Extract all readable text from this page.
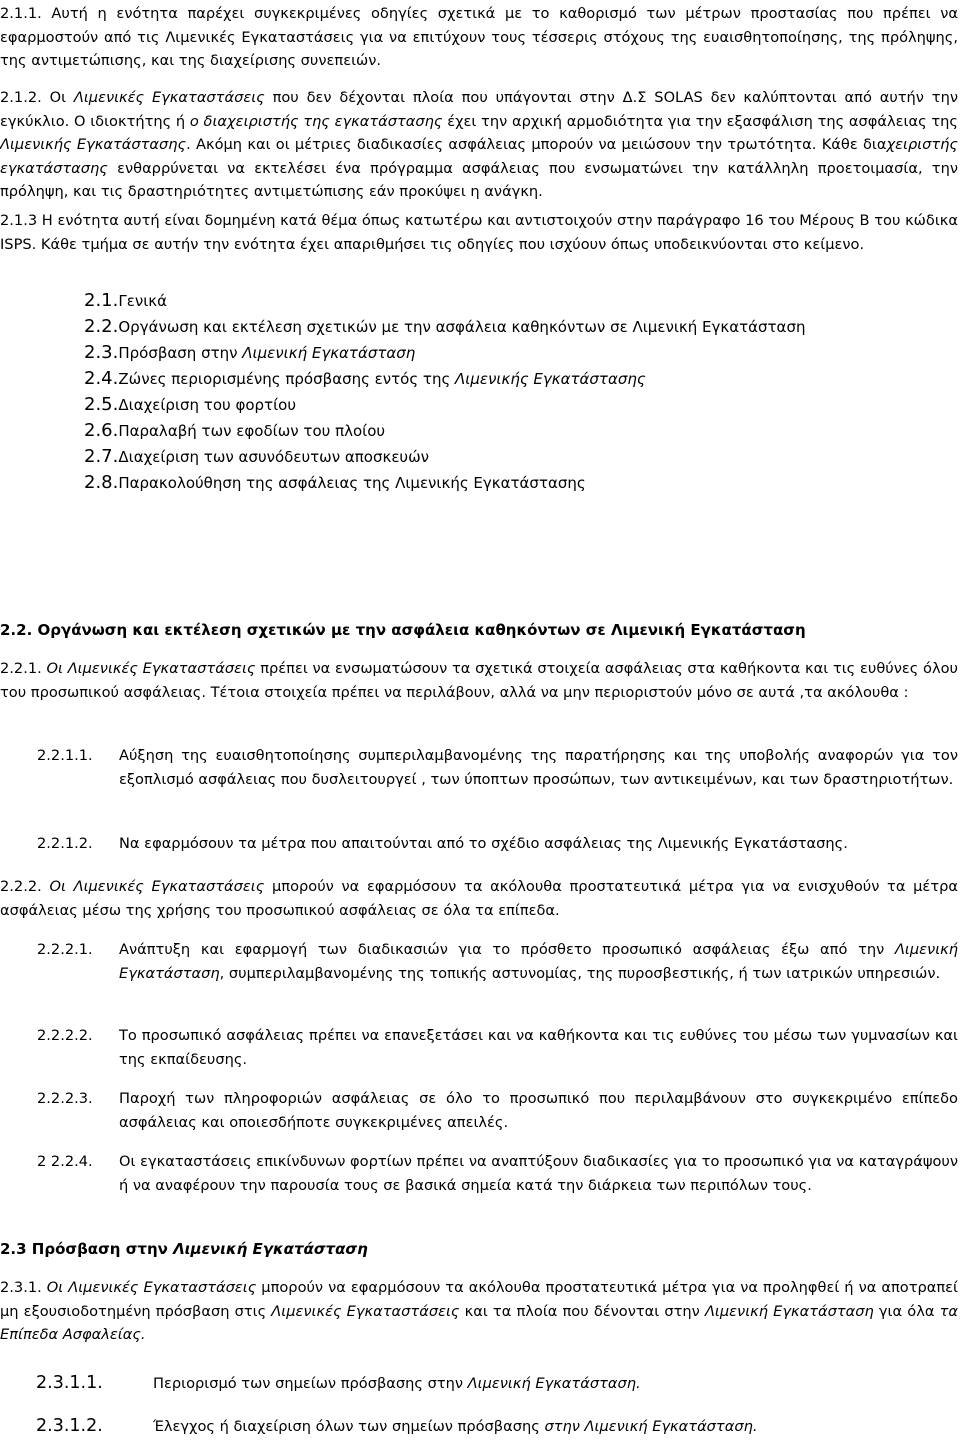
2.1.1. Αυτή η ενότητα παρέχει συγκεκριμένες οδηγίες σχετικά με το καθορισμό των μέτρων προστασίας που πρέπει να εφαρμοστούν από τις Λιμενικές Εγκαταστάσεις για να επιτύχουν τους τέσσερις στόχους της ευαισθητοποίησης, της πρόληψης, της αντιμετώπισης, και της διαχείρισης συνεπειών.

2.1.2. Οι Λιμενικές Εγκαταστάσεις που δεν δέχονται πλοία που υπάγονται στην Δ.Σ SOLAS δεν καλύπτονται από αυτήν την εγκύκλιο. Ο ιδιοκτήτης ή ο διαχειριστής της εγκατάστασης έχει την αρχική αρμοδιότητα για την εξασφάλιση της ασφάλειας της Λιμενικής Εγκατάστασης. Ακόμη και οι μέτριες διαδικασίες ασφάλειας μπορούν να μειώσουν την τρωτότητα. Κάθε διαχειριστής εγκατάστασης ενθαρρύνεται να εκτελέσει ένα πρόγραμμα ασφάλειας που ενσωματώνει την κατάλληλη προετοιμασία, την πρόληψη, και τις δραστηριότητες αντιμετώπισης εάν προκύψει η ανάγκη.

2.1.3 Η ενότητα αυτή είναι δομημένη κατά θέμα όπως κατωτέρω και αντιστοιχούν στην παράγραφο 16 του Μέρους Β του κώδικα ISPS. Κάθε τμήμα σε αυτήν την ενότητα έχει απαριθμήσει τις οδηγίες που ισχύουν όπως υποδεικνύονται στο κείμενο.

2.1.Γενικά
2.2.Οργάνωση και εκτέλεση σχετικών με την ασφάλεια καθηκόντων σε Λιμενική Εγκατάσταση
2.3.Πρόσβαση στην Λιμενική Εγκατάσταση
2.4.Ζώνες περιορισμένης πρόσβασης εντός της Λιμενικής Εγκατάστασης
2.5.Διαχείριση του φορτίου
2.6.Παραλαβή των εφοδίων του πλοίου
2.7.Διαχείριση των ασυνόδευτων αποσκευών
2.8.Παρακολούθηση της ασφάλειας της Λιμενικής Εγκατάστασης

2.2. Οργάνωση και εκτέλεση σχετικών με την ασφάλεια καθηκόντων σε Λιμενική Εγκατάσταση

2.2.1. Οι Λιμενικές Εγκαταστάσεις πρέπει να ενσωματώσουν τα σχετικά στοιχεία ασφάλειας στα καθήκοντα και τις ευθύνες όλου του προσωπικού ασφάλειας. Τέτοια στοιχεία πρέπει να περιλάβουν, αλλά να μην περιοριστούν μόνο σε αυτά ,τα ακόλουθα :

2.2.1.1. Αύξηση της ευαισθητοποίησης συμπεριλαμβανομένης της παρατήρησης και της υποβολής αναφορών για τον εξοπλισμό ασφάλειας που δυσλειτουργεί , των ύποπτων προσώπων, των αντικειμένων, και των δραστηριοτήτων.
2.2.1.2. Να εφαρμόσουν τα μέτρα που απαιτούνται από το σχέδιο ασφάλειας της Λιμενικής Εγκατάστασης.

2.2.2. Οι Λιμενικές Εγκαταστάσεις μπορούν να εφαρμόσουν τα ακόλουθα προστατευτικά μέτρα για να ενισχυθούν τα μέτρα ασφάλειας μέσω της χρήσης του προσωπικού ασφάλειας σε όλα τα επίπεδα.

2.2.2.1. Ανάπτυξη και εφαρμογή των διαδικασιών για το πρόσθετο προσωπικό ασφάλειας έξω από την Λιμενική Εγκατάσταση, συμπεριλαμβανομένης της τοπικής αστυνομίας, της πυροσβεστικής, ή των ιατρικών υπηρεσιών.
2.2.2.2. Το προσωπικό ασφάλειας πρέπει να επανεξετάσει και να καθήκοντα και τις ευθύνες του μέσω των γυμνασίων και της εκπαίδευσης.
2.2.2.3. Παροχή των πληροφοριών ασφάλειας σε όλο το προσωπικό που περιλαμβάνουν στο συγκεκριμένο επίπεδο ασφάλειας και οποιεσδήποτε συγκεκριμένες απειλές.
2 2.2.4. Οι εγκαταστάσεις επικίνδυνων φορτίων πρέπει να αναπτύξουν διαδικασίες για το προσωπικό για να καταγράψουν ή να αναφέρουν την παρουσία τους σε βασικά σημεία κατά την διάρκεια των περιπόλων τους.

2.3 Πρόσβαση στην Λιμενική Εγκατάσταση

2.3.1. Οι Λιμενικές Εγκαταστάσεις μπορούν να εφαρμόσουν τα ακόλουθα προστατευτικά μέτρα για να προληφθεί ή να αποτραπεί μη εξουσιοδοτημένη πρόσβαση στις Λιμενικές Εγκαταστάσεις και τα πλοία που δένονται στην Λιμενική Εγκατάσταση για όλα τα Επίπεδα Ασφαλείας.

2.3.1.1.	Περιορισμό των σημείων πρόσβασης στην Λιμενική Εγκατάσταση.

2.3.1.2.	Έλεγχος ή διαχείριση όλων των σημείων πρόσβασης στην Λιμενική Εγκατάσταση.
